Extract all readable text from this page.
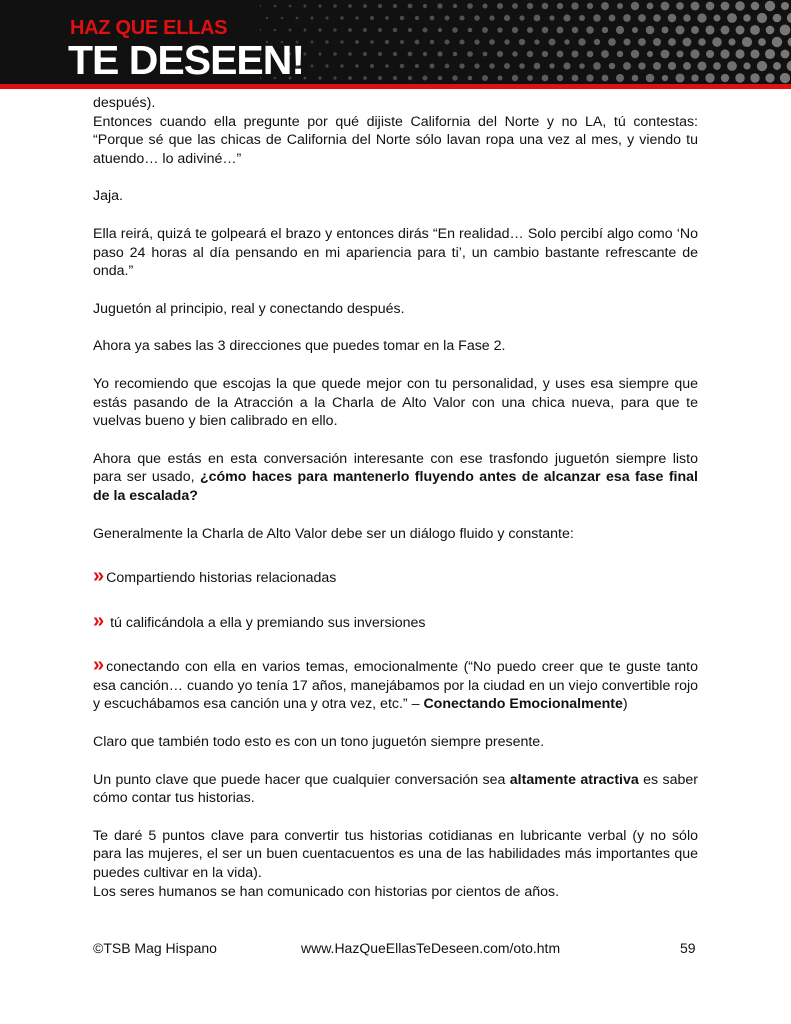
HAZ QUE ELLAS
TE DESEEN!

después).

Entonces cuando ella pregunte por qué dijiste California del Norte y no LA, tú contestas: “Porque sé que las chicas de California del Norte sólo lavan ropa una vez al mes, y viendo tu atuendo… lo adiviné…”

Jaja.

Ella reirá, quizá te golpeará el brazo y entonces dirás “En realidad… Solo percibí algo como ‘No paso 24 horas al día pensando en mi apariencia para ti’, un cambio bastante refrescante de onda.”

Juguetón al principio, real y conectando después.

Ahora ya sabes las 3 direcciones que puedes tomar en la Fase 2.

Yo recomiendo que escojas la que quede mejor con tu personalidad, y uses esa siempre que estás pasando de la Atracción a la Charla de Alto Valor con una chica nueva, para que te vuelvas bueno y bien calibrado en ello.

Ahora que estás en esta conversación interesante con ese trasfondo juguetón siempre listo para ser usado, ¿cómo haces para mantenerlo fluyendo antes de alcanzar esa fase final de la escalada?

Generalmente la Charla de Alto Valor debe ser un diálogo fluido y constante:

» Compartiendo historias relacionadas

» tú calificándola a ella y premiando sus inversiones

» conectando con ella en varios temas, emocionalmente (“No puedo creer que te guste tanto esa canción… cuando yo tenía 17 años, manejábamos por la ciudad en un viejo convertible rojo y escuchábamos esa canción una y otra vez, etc.” – Conectando Emocionalmente)

Claro que también todo esto es con un tono juguetón siempre presente.

Un punto clave que puede hacer que cualquier conversación sea altamente atractiva es saber cómo contar tus historias.

Te daré 5 puntos clave para convertir tus historias cotidianas en lubricante verbal (y no sólo para las mujeres, el ser un buen cuentacuentos es una de las habilidades más importantes que puedes cultivar en la vida).

Los seres humanos se han comunicado con historias por cientos de años.

©TSB Mag Hispano	www.HazQueEllasTeDeseen.com/oto.htm	59
